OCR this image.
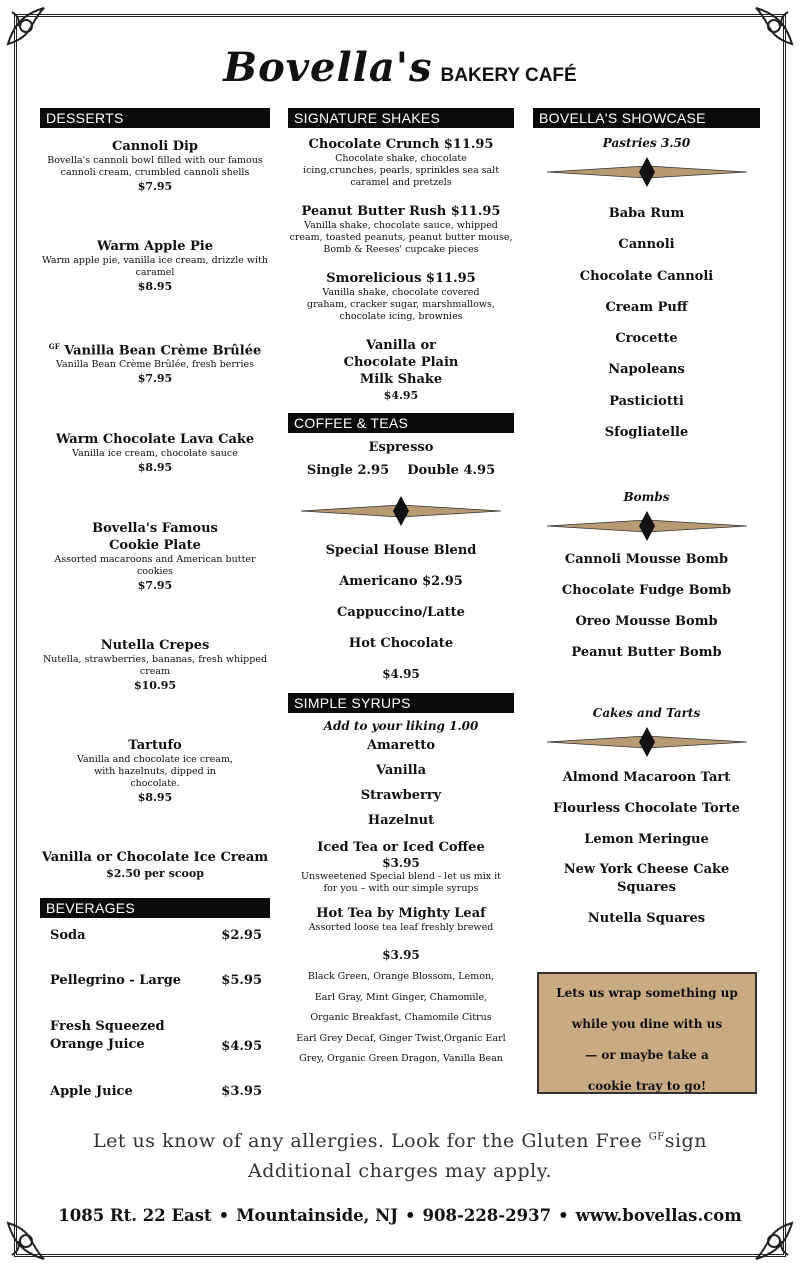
Bovella's BAKERY CAFÉ
DESSERTS
Cannoli Dip
Bovella's cannoli bowl filled with our famous cannoli cream, crumbled cannoli shells
$7.95
Warm Apple Pie
Warm apple pie, vanilla ice cream, drizzle with caramel
$8.95
$^{GF}$ Vanilla Bean Crème Brûlée
Vanilla Bean Crème Brûlée, fresh berries
$7.95
Warm Chocolate Lava Cake
Vanilla ice cream, chocolate sauce
$8.95
Bovella's Famous Cookie Plate
Assorted macaroons and American butter cookies
$7.95
Nutella Crepes
Nutella, strawberries, bananas, fresh whipped cream
$10.95
Tartufo
Vanilla and chocolate ice cream, with hazelnuts, dipped in chocolate.
$8.95
Vanilla or Chocolate Ice Cream
$2.50 per scoop
BEVERAGES
Soda	$2.95
Pellegrino - Large	$5.95
Fresh Squeezed Orange Juice	$4.95
Apple Juice	$3.95
SIGNATURE SHAKES
Chocolate Crunch $11.95
Chocolate shake, chocolate icing,crunches, pearls, sprinkles sea salt caramel and pretzels
Peanut Butter Rush $11.95
Vanilla shake, chocolate sauce, whipped cream, toasted peanuts, peanut butter mouse, Bomb & Reeses' cupcake pieces
Smorelicious $11.95
Vanilla shake, chocolate covered graham, cracker sugar, marshmallows, chocolate icing, brownies
Vanilla or Chocolate Plain Milk Shake
$4.95
COFFEE & TEAS
Espresso
Single 2.95    Double 4.95
Special House Blend
Americano $2.95
Cappuccino/Latte
Hot Chocolate
$4.95
SIMPLE SYRUPS
Add to your liking 1.00
Amaretto
Vanilla
Strawberry
Hazelnut
Iced Tea or Iced Coffee
$3.95
Unsweetened Special blend - let us mix it for you – with our simple syrups
Hot Tea by Mighty Leaf
Assorted loose tea leaf freshly brewed
$3.95
Black Green, Orange Blossom, Lemon,
Earl Gray, Mint Ginger, Chamomile,
Organic Breakfast, Chamomile Citrus
Earl Grey Decaf, Ginger Twist,Organic Earl
Grey, Organic Green Dragon, Vanilla Bean
BOVELLA'S SHOWCASE
Pastries 3.50
Baba Rum
Cannoli
Chocolate Cannoli
Cream Puff
Crocette
Napoleans
Pasticiotti
Sfogliatelle
Bombs
Cannoli Mousse Bomb
Chocolate Fudge Bomb
Oreo Mousse Bomb
Peanut Butter Bomb
Cakes and Tarts
Almond Macaroon Tart
Flourless Chocolate Torte
Lemon Meringue
New York Cheese Cake Squares
Nutella Squares
Lets us wrap something up
while you dine with us
— or maybe take a
cookie tray to go!
Let us know of any allergies. Look for the Gluten Free $^{GF}$sign
Additional charges may apply.
1085 Rt. 22 East • Mountainside, NJ • 908-228-2937 • www.bovellas.com
